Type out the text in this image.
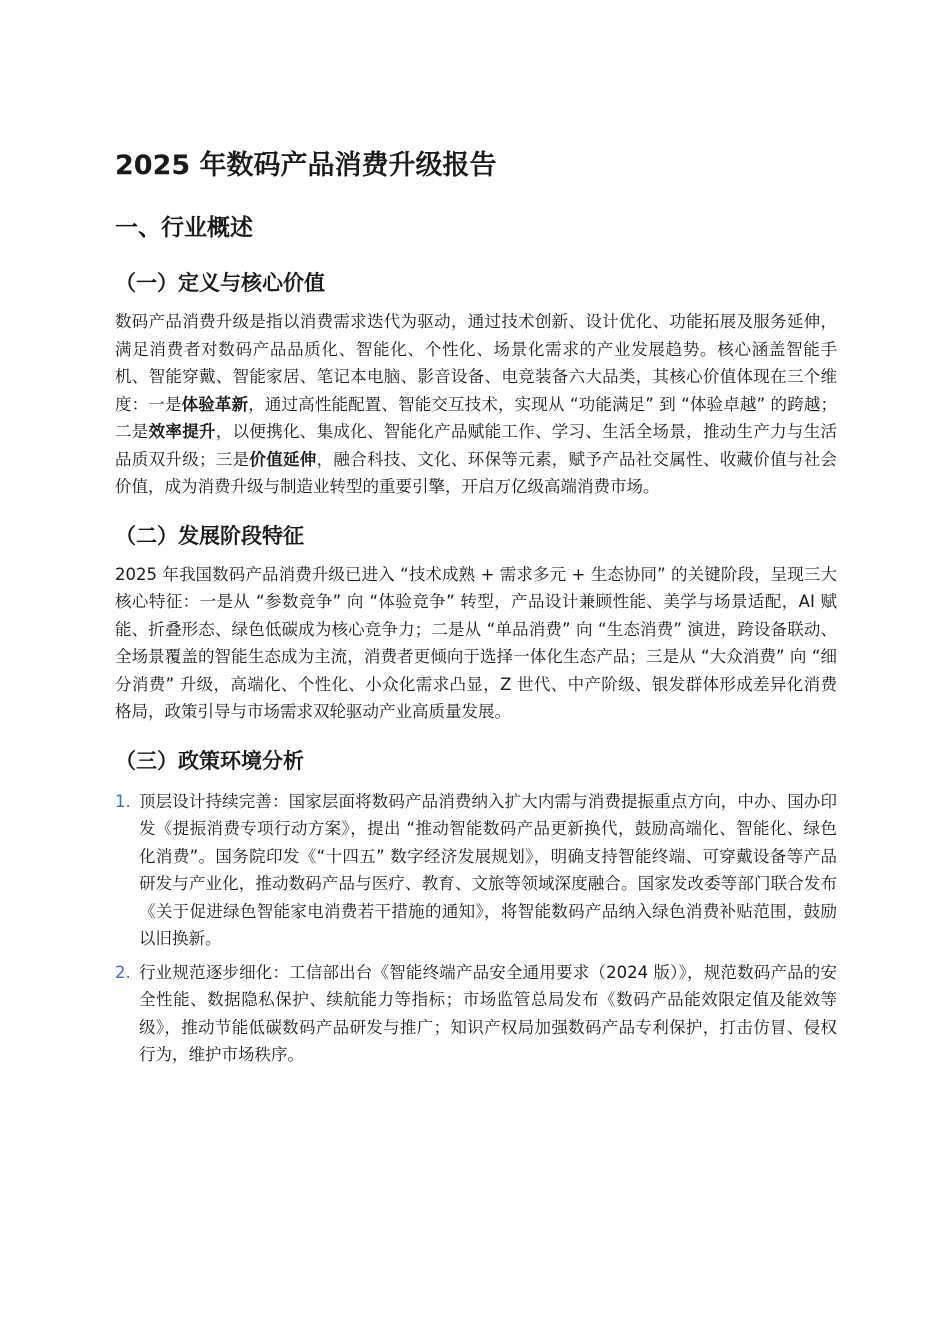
2025 年数码产品消费升级报告
一、行业概述
（一）定义与核心价值

数码产品消费升级是指以消费需求迭代为驱动，通过技术创新、设计优化、功能拓展及服务延伸，满足消费者对数码产品品质化、智能化、个性化、场景化需求的产业发展趋势。核心涵盖智能手机、智能穿戴、智能家居、笔记本电脑、影音设备、电竞装备六大品类，其核心价值体现在三个维度：一是体验革新，通过高性能配置、智能交互技术，实现从 “功能满足” 到 “体验卓越” 的跨越；二是效率提升，以便携化、集成化、智能化产品赋能工作、学习、生活全场景，推动生产力与生活品质双升级；三是价值延伸，融合科技、文化、环保等元素，赋予产品社交属性、收藏价值与社会价值，成为消费升级与制造业转型的重要引擎，开启万亿级高端消费市场。

（二）发展阶段特征

2025 年我国数码产品消费升级已进入 “技术成熟 + 需求多元 + 生态协同” 的关键阶段，呈现三大核心特征：一是从 “参数竞争” 向 “体验竞争” 转型，产品设计兼顾性能、美学与场景适配，AI 赋能、折叠形态、绿色低碳成为核心竞争力；二是从 “单品消费” 向 “生态消费” 演进，跨设备联动、全场景覆盖的智能生态成为主流，消费者更倾向于选择一体化生态产品；三是从 “大众消费” 向 “细分消费” 升级，高端化、个性化、小众化需求凸显，Z 世代、中产阶级、银发群体形成差异化消费格局，政策引导与市场需求双轮驱动产业高质量发展。

（三）政策环境分析
1. 顶层设计持续完善：国家层面将数码产品消费纳入扩大内需与消费提振重点方向，中办、国办印发《提振消费专项行动方案》，提出 “推动智能数码产品更新换代，鼓励高端化、智能化、绿色化消费”。国务院印发《“十四五” 数字经济发展规划》，明确支持智能终端、可穿戴设备等产品研发与产业化，推动数码产品与医疗、教育、文旅等领域深度融合。国家发改委等部门联合发布《关于促进绿色智能家电消费若干措施的通知》，将智能数码产品纳入绿色消费补贴范围，鼓励以旧换新。
2. 行业规范逐步细化：工信部出台《智能终端产品安全通用要求（2024 版）》，规范数码产品的安全性能、数据隐私保护、续航能力等指标；市场监管总局发布《数码产品能效限定值及能效等级》，推动节能低碳数码产品研发与推广；知识产权局加强数码产品专利保护，打击仿冒、侵权行为，维护市场秩序。
